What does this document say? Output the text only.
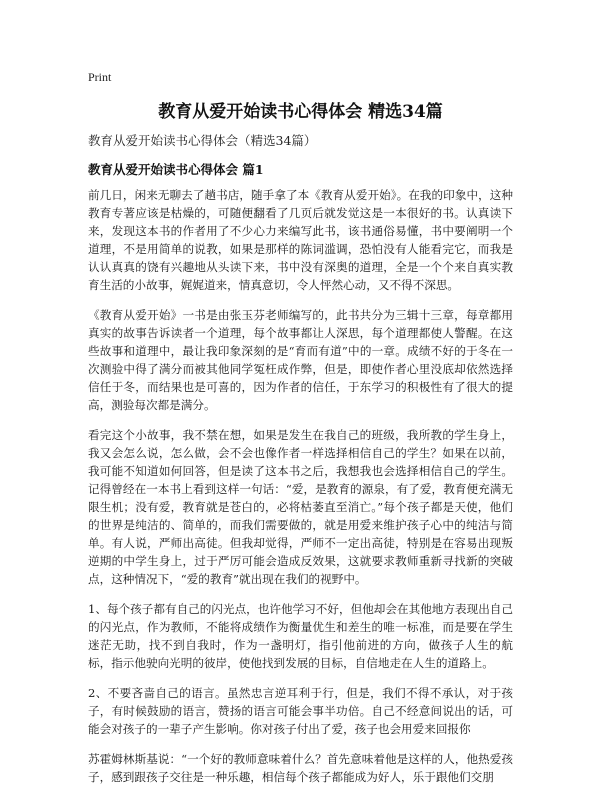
Print
教育从爱开始读书心得体会 精选34篇
教育从爱开始读书心得体会（精选34篇）
教育从爱开始读书心得体会 篇1

前几日，闲来无聊去了趟书店，随手拿了本《教育从爱开始》。在我的印象中，这种教育专著应该是枯燥的，可随便翻看了几页后就发觉这是一本很好的书。认真读下来，发现这本书的作者用了不少心力来编写此书，该书通俗易懂，书中要阐明一个道理，不是用简单的说教，如果是那样的陈词滥调，恐怕没有人能看完它，而我是认认真真的饶有兴趣地从头读下来，书中没有深奥的道理，全是一个个来自真实教育生活的小故事，娓娓道来，情真意切，令人怦然心动，又不得不深思。

《教育从爱开始》一书是由张玉芬老师编写的，此书共分为三辑十三章，每章都用真实的故事告诉读者一个道理，每个故事都让人深思，每个道理都使人警醒。在这些故事和道理中，最让我印象深刻的是“育而有道”中的一章。成绩不好的于冬在一次测验中得了满分而被其他同学冤枉成作弊，但是，即使作者心里没底却依然选择信任于冬，而结果也是可喜的，因为作者的信任，于东学习的积极性有了很大的提高，测验每次都是满分。

看完这个小故事，我不禁在想，如果是发生在我自己的班级，我所教的学生身上，我又会怎么说，怎么做，会不会也像作者一样选择相信自己的学生？如果在以前，我可能不知道如何回答，但是读了这本书之后，我想我也会选择相信自己的学生。记得曾经在一本书上看到这样一句话：“爱，是教育的源泉，有了爱，教育便充满无限生机；没有爱，教育就是苍白的，必将枯萎直至消亡。”每个孩子都是天使，他们的世界是纯洁的、简单的，而我们需要做的，就是用爱来维护孩子心中的纯洁与简单。有人说，严师出高徒。但我却觉得，严师不一定出高徒，特别是在容易出现叛逆期的中学生身上，过于严厉可能会造成反效果，这就要求教师重新寻找新的突破点，这种情况下，“爱的教育”就出现在我们的视野中。

1、每个孩子都有自己的闪光点，也许他学习不好，但他却会在其他地方表现出自己的闪光点，作为教师，不能将成绩作为衡量优生和差生的唯一标准，而是要在学生迷茫无助，找不到自我时，作为一盏明灯，指引他前进的方向，做孩子人生的航标，指示他驶向光明的彼岸，使他找到发展的目标，自信地走在人生的道路上。

2、不要吝啬自己的语言。虽然忠言逆耳利于行，但是，我们不得不承认，对于孩子，有时候鼓励的语言，赞扬的语言可能会事半功倍。自己不经意间说出的话，可能会对孩子的一辈子产生影响。你对孩子付出了爱，孩子也会用爱来回报你

苏霍姆林斯基说：“一个好的教师意味着什么？首先意味着他是这样的人，他热爱孩子，感到跟孩子交往是一种乐趣，相信每个孩子都能成为好人，乐于跟他们交朋
